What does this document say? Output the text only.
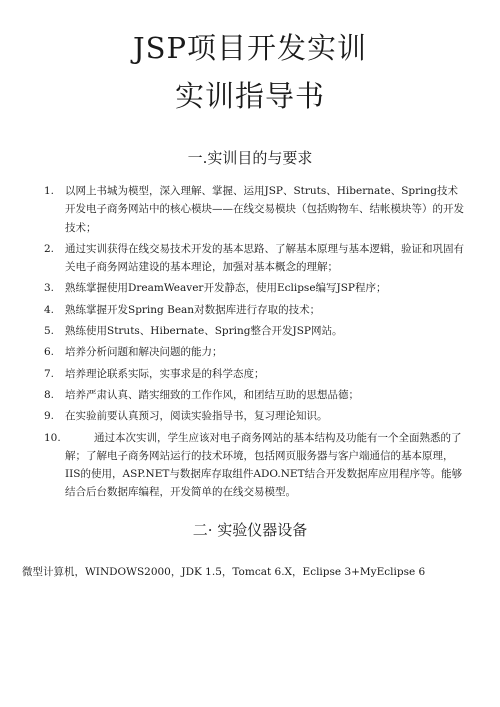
JSP项目开发实训
实训指导书
一.实训目的与要求
1. 以网上书城为模型，深入理解、掌握、运用JSP、Struts、Hibernate、Spring技术开发电子商务网站中的核心模块——在线交易模块（包括购物车、结帐模块等）的开发技术；
2. 通过实训获得在线交易技术开发的基本思路、了解基本原理与基本逻辑，验证和巩固有关电子商务网站建设的基本理论，加强对基本概念的理解；
3. 熟练掌握使用DreamWeaver开发静态，使用Eclipse编写JSP程序；
4. 熟练掌握开发Spring Bean对数据库进行存取的技术；
5. 熟练使用Struts、Hibernate、Spring整合开发JSP网站。
6. 培养分析问题和解决问题的能力；
7. 培养理论联系实际，实事求是的科学态度；
8. 培养严肃认真、踏实细致的工作作风，和团结互助的思想品德；
9. 在实验前要认真预习，阅读实验指导书，复习理论知识。
10.	通过本次实训，学生应该对电子商务网站的基本结构及功能有一个全面熟悉的了解；了解电子商务网站运行的技术环境，包括网页服务器与客户端通信的基本原理，IIS的使用，ASP.NET与数据库存取组件ADO.NET结合开发数据库应用程序等。能够 结合后台数据库编程，开发简单的在线交易模型。
二· 实验仪器设备
微型计算机，WINDOWS2000，JDK 1.5，Tomcat 6.X，Eclipse 3+MyEclipse 6
